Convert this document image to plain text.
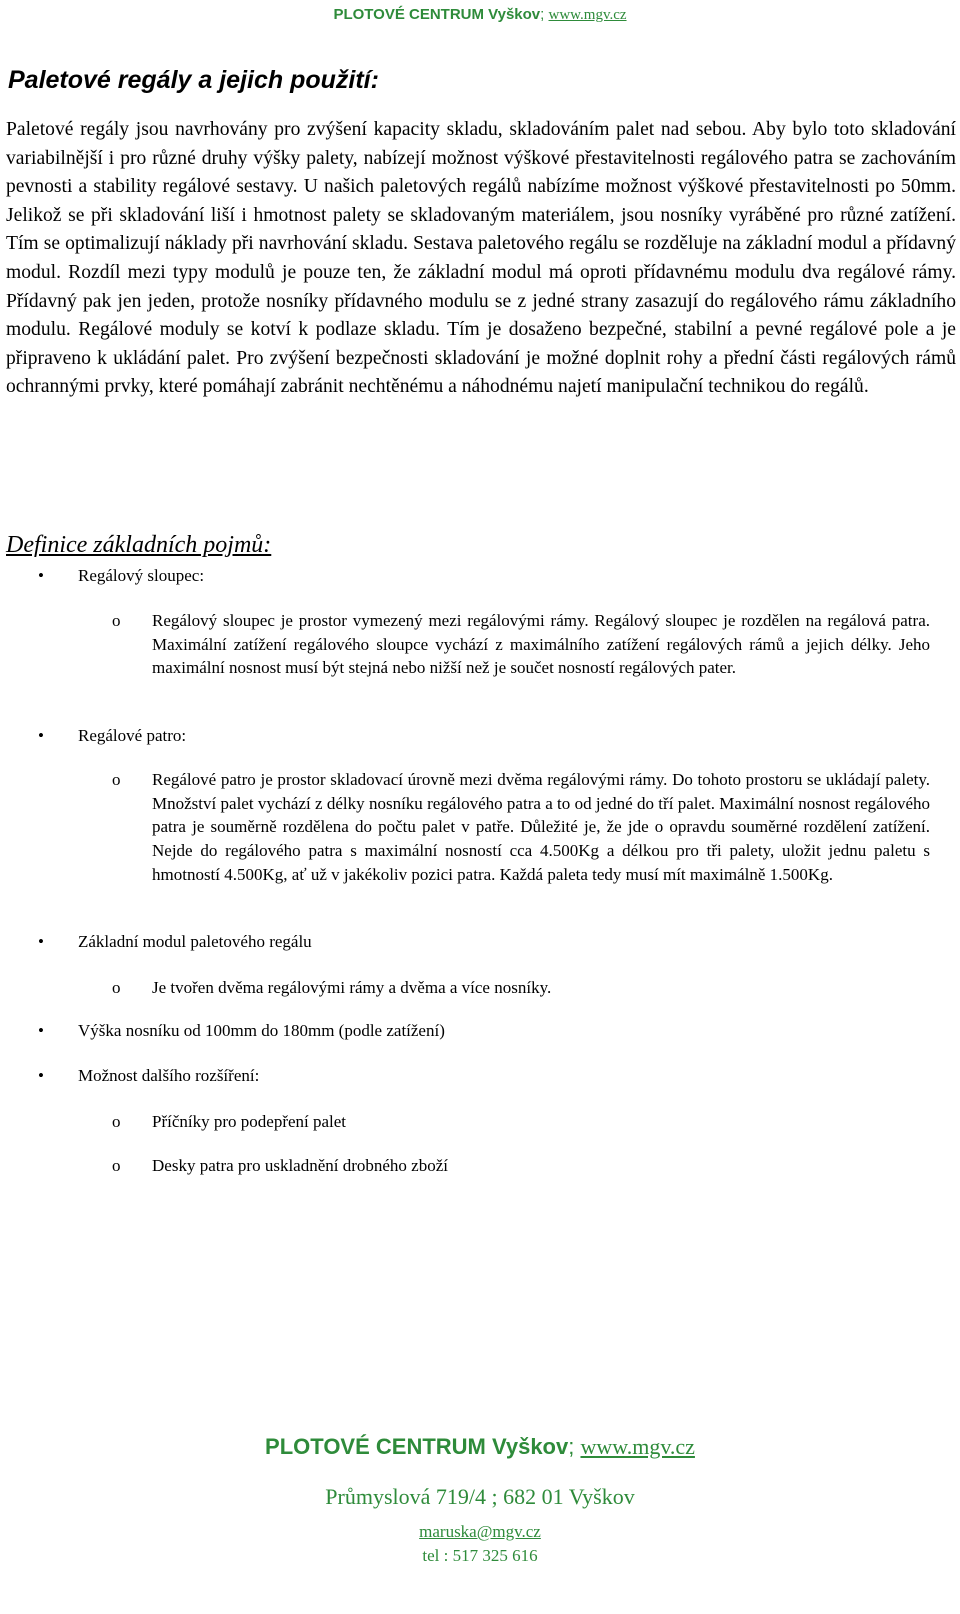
PLOTOVÉ CENTRUM Vyškov; www.mgv.cz
Paletové regály a jejich použití:

Paletové regály jsou navrhovány pro zvýšení kapacity skladu, skladováním palet nad sebou. Aby bylo toto skladování variabilnější i pro různé druhy výšky palety, nabízejí možnost výškové přestavitelnosti regálového patra se zachováním pevnosti a stability regálové sestavy. U našich paletových regálů nabízíme možnost výškové přestavitelnosti po 50mm. Jelikož se při skladování liší i hmotnost palety se skladovaným materiálem, jsou nosníky vyráběné pro různé zatížení. Tím se optimalizují náklady při navrhování skladu. Sestava paletového regálu se rozděluje na základní modul a přídavný modul. Rozdíl mezi typy modulů je pouze ten, že základní modul má oproti přídavnému modulu dva regálové rámy. Přídavný pak jen jeden, protože nosníky přídavného modulu se z jedné strany zasazují do regálového rámu základního modulu. Regálové moduly se kotví k podlaze skladu. Tím je dosaženo bezpečné, stabilní a pevné regálové pole a je připraveno k ukládání palet. Pro zvýšení bezpečnosti skladování je možné doplnit rohy a přední části regálových rámů ochrannými prvky, které pomáhají zabránit nechtěnému a náhodnému najetí manipulační technikou do regálů.

Definice základních pojmů:
• Regálový sloupec:
o Regálový sloupec je prostor vymezený mezi regálovými rámy. Regálový sloupec je rozdělen na regálová patra. Maximální zatížení regálového sloupce vychází z maximálního zatížení regálových rámů a jejich délky. Jeho maximální nosnost musí být stejná nebo nižší než je součet nosností regálových pater.
• Regálové patro:
o Regálové patro je prostor skladovací úrovně mezi dvěma regálovými rámy. Do tohoto prostoru se ukládají palety. Množství palet vychází z délky nosníku regálového patra a to od jedné do tří palet. Maximální nosnost regálového patra je souměrně rozdělena do počtu palet v patře. Důležité je, že jde o opravdu souměrné rozdělení zatížení. Nejde do regálového patra s maximální nosností cca 4.500Kg a délkou pro tři palety, uložit jednu paletu s hmotností 4.500Kg, ať už v jakékoliv pozici patra. Každá paleta tedy musí mít maximálně 1.500Kg.
• Základní modul paletového regálu
o Je tvořen dvěma regálovými rámy a dvěma a více nosníky.
• Výška nosníku od 100mm do 180mm (podle zatížení)
• Možnost dalšího rozšíření:
o Příčníky pro podepření palet
o Desky patra pro uskladnění drobného zboží
PLOTOVÉ CENTRUM Vyškov; www.mgv.cz
Průmyslová 719/4 ; 682 01 Vyškov
maruska@mgv.cz
tel : 517 325 616
